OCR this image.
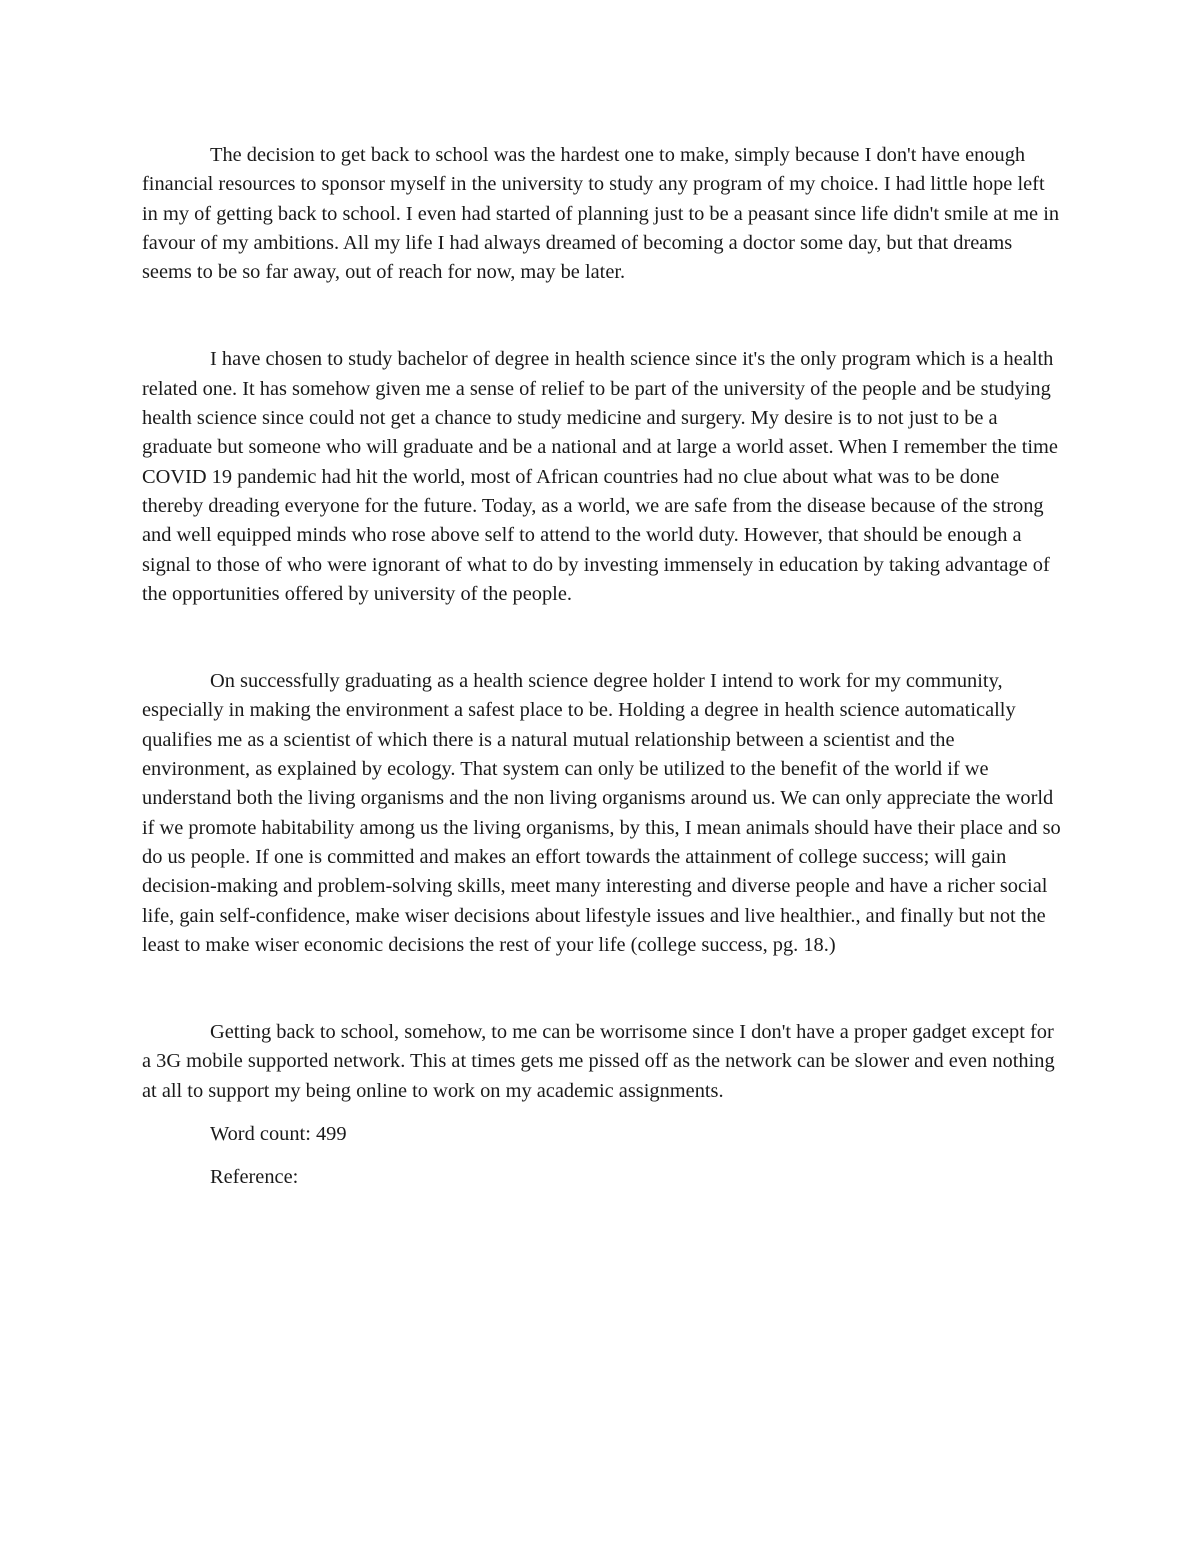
The decision to get back to school was the hardest one to make, simply because I don't have enough financial resources to sponsor myself in the university to study any program of my choice. I had little hope left in my of getting back to school. I even had started of planning just to be a peasant since life didn't smile at me in favour of my ambitions. All my life I had always dreamed of becoming a doctor some day, but that dreams seems to be so far away, out of reach for now, may be later.

I have chosen to study bachelor of degree in health science since it's the only program which is a health related one. It has somehow given me a sense of relief to be part of the university of the people and be studying health science since could not get a chance to study medicine and surgery. My desire is to not just to be a graduate but someone who will graduate and be a national and at large a world asset. When I remember the time COVID 19 pandemic had hit the world, most of African countries had no clue about what was to be done thereby dreading everyone for the future. Today, as a world, we are safe from the disease because of the strong and well equipped minds who rose above self to attend to the world duty. However, that should be enough a signal to those of who were ignorant of what to do by investing immensely in education by taking advantage of the opportunities offered by university of the people.

On successfully graduating as a health science degree holder I intend to work for my community, especially in making the environment a safest place to be. Holding a degree in health science automatically qualifies me as a scientist of which there is a natural mutual relationship between a scientist and the environment, as explained by ecology. That system can only be utilized to the benefit of the world if we understand both the living organisms and the non living organisms around us. We can only appreciate the world if we promote habitability among us the living organisms, by this, I mean animals should have their place and so do us people. If one is committed and makes an effort towards the attainment of college success; will gain decision-making and problem-solving skills, meet many interesting and diverse people and have a richer social life, gain self-confidence, make wiser decisions about lifestyle issues and live healthier., and finally but not the least to make wiser economic decisions the rest of your life (college success, pg. 18.)

Getting back to school, somehow, to me can be worrisome since I don't have a proper gadget except for a 3G mobile supported network. This at times gets me pissed off as the network can be slower and even nothing at all to support my being online to work on my academic assignments.

Word count: 499

Reference:
